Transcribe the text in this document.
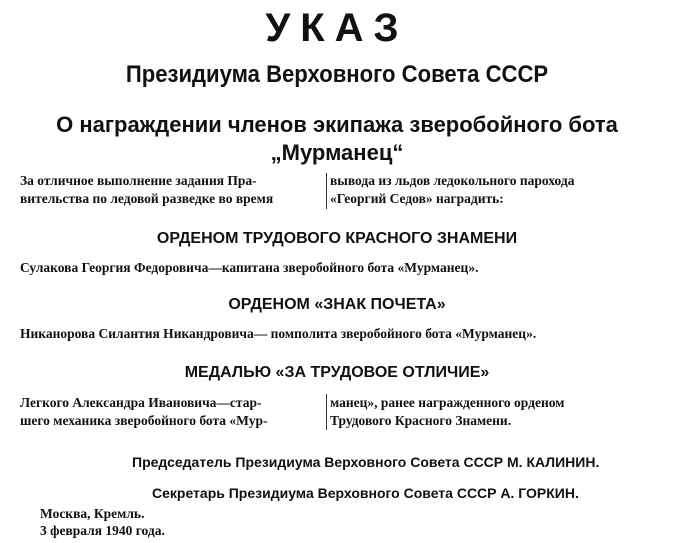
УКАЗ
Президиума Верховного Совета СССР
О награждении членов экипажа зверобойного бота
„Мурманец“
За отличное выполнение задания Пра-
вительства по ледовой разведке во время
вывода из льдов ледокольного парохода
«Георгий Седов» наградить:
ОРДЕНОМ ТРУДОВОГО КРАСНОГО ЗНАМЕНИ
Сулакова Георгия Федоровича—капитана зверобойного бота «Мурманец».
ОРДЕНОМ «ЗНАК ПОЧЕТА»
Никанорова Силантия Никандровича— помполита зверобойного бота «Мурманец».
МЕДАЛЬЮ «ЗА ТРУДОВОЕ ОТЛИЧИЕ»
Легкого Александра Ивановича—стар-
шего механика зверобойного бота «Мур-
манец», ранее награжденного орденом
Трудового Красного Знамени.
Председатель Президиума Верховного Совета СССР М. КАЛИНИН.
Секретарь Президиума Верховного Совета СССР А. ГОРКИН.
Москва, Кремль.
3 февраля 1940 года.
